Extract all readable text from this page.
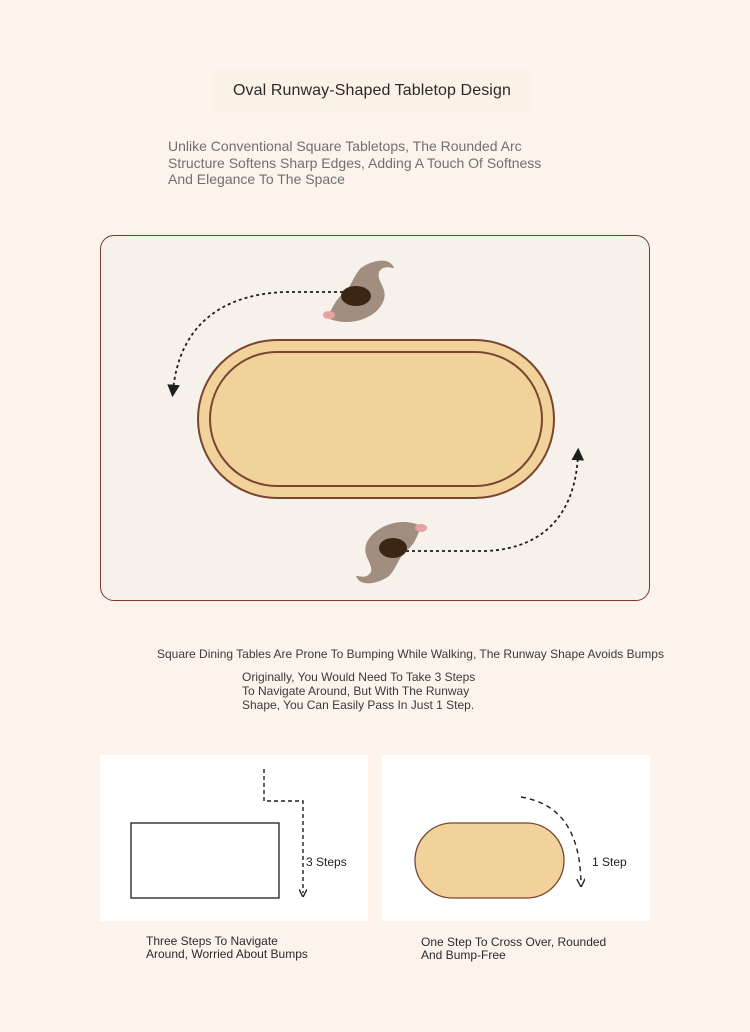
Oval Runway-Shaped Tabletop Design
Unlike Conventional Square Tabletops, The Rounded Arc
Structure Softens Sharp Edges, Adding A Touch Of Softness
And Elegance To The Space
Square Dining Tables Are Prone To Bumping While Walking, The Runway Shape Avoids Bumps
Originally, You Would Need To Take 3 Steps
To Navigate Around, But With The Runway
Shape, You Can Easily Pass In Just 1 Step.
3 Steps	1 Step
Three Steps To Navigate
Around, Worried About Bumps
One Step To Cross Over, Rounded
And Bump-Free
